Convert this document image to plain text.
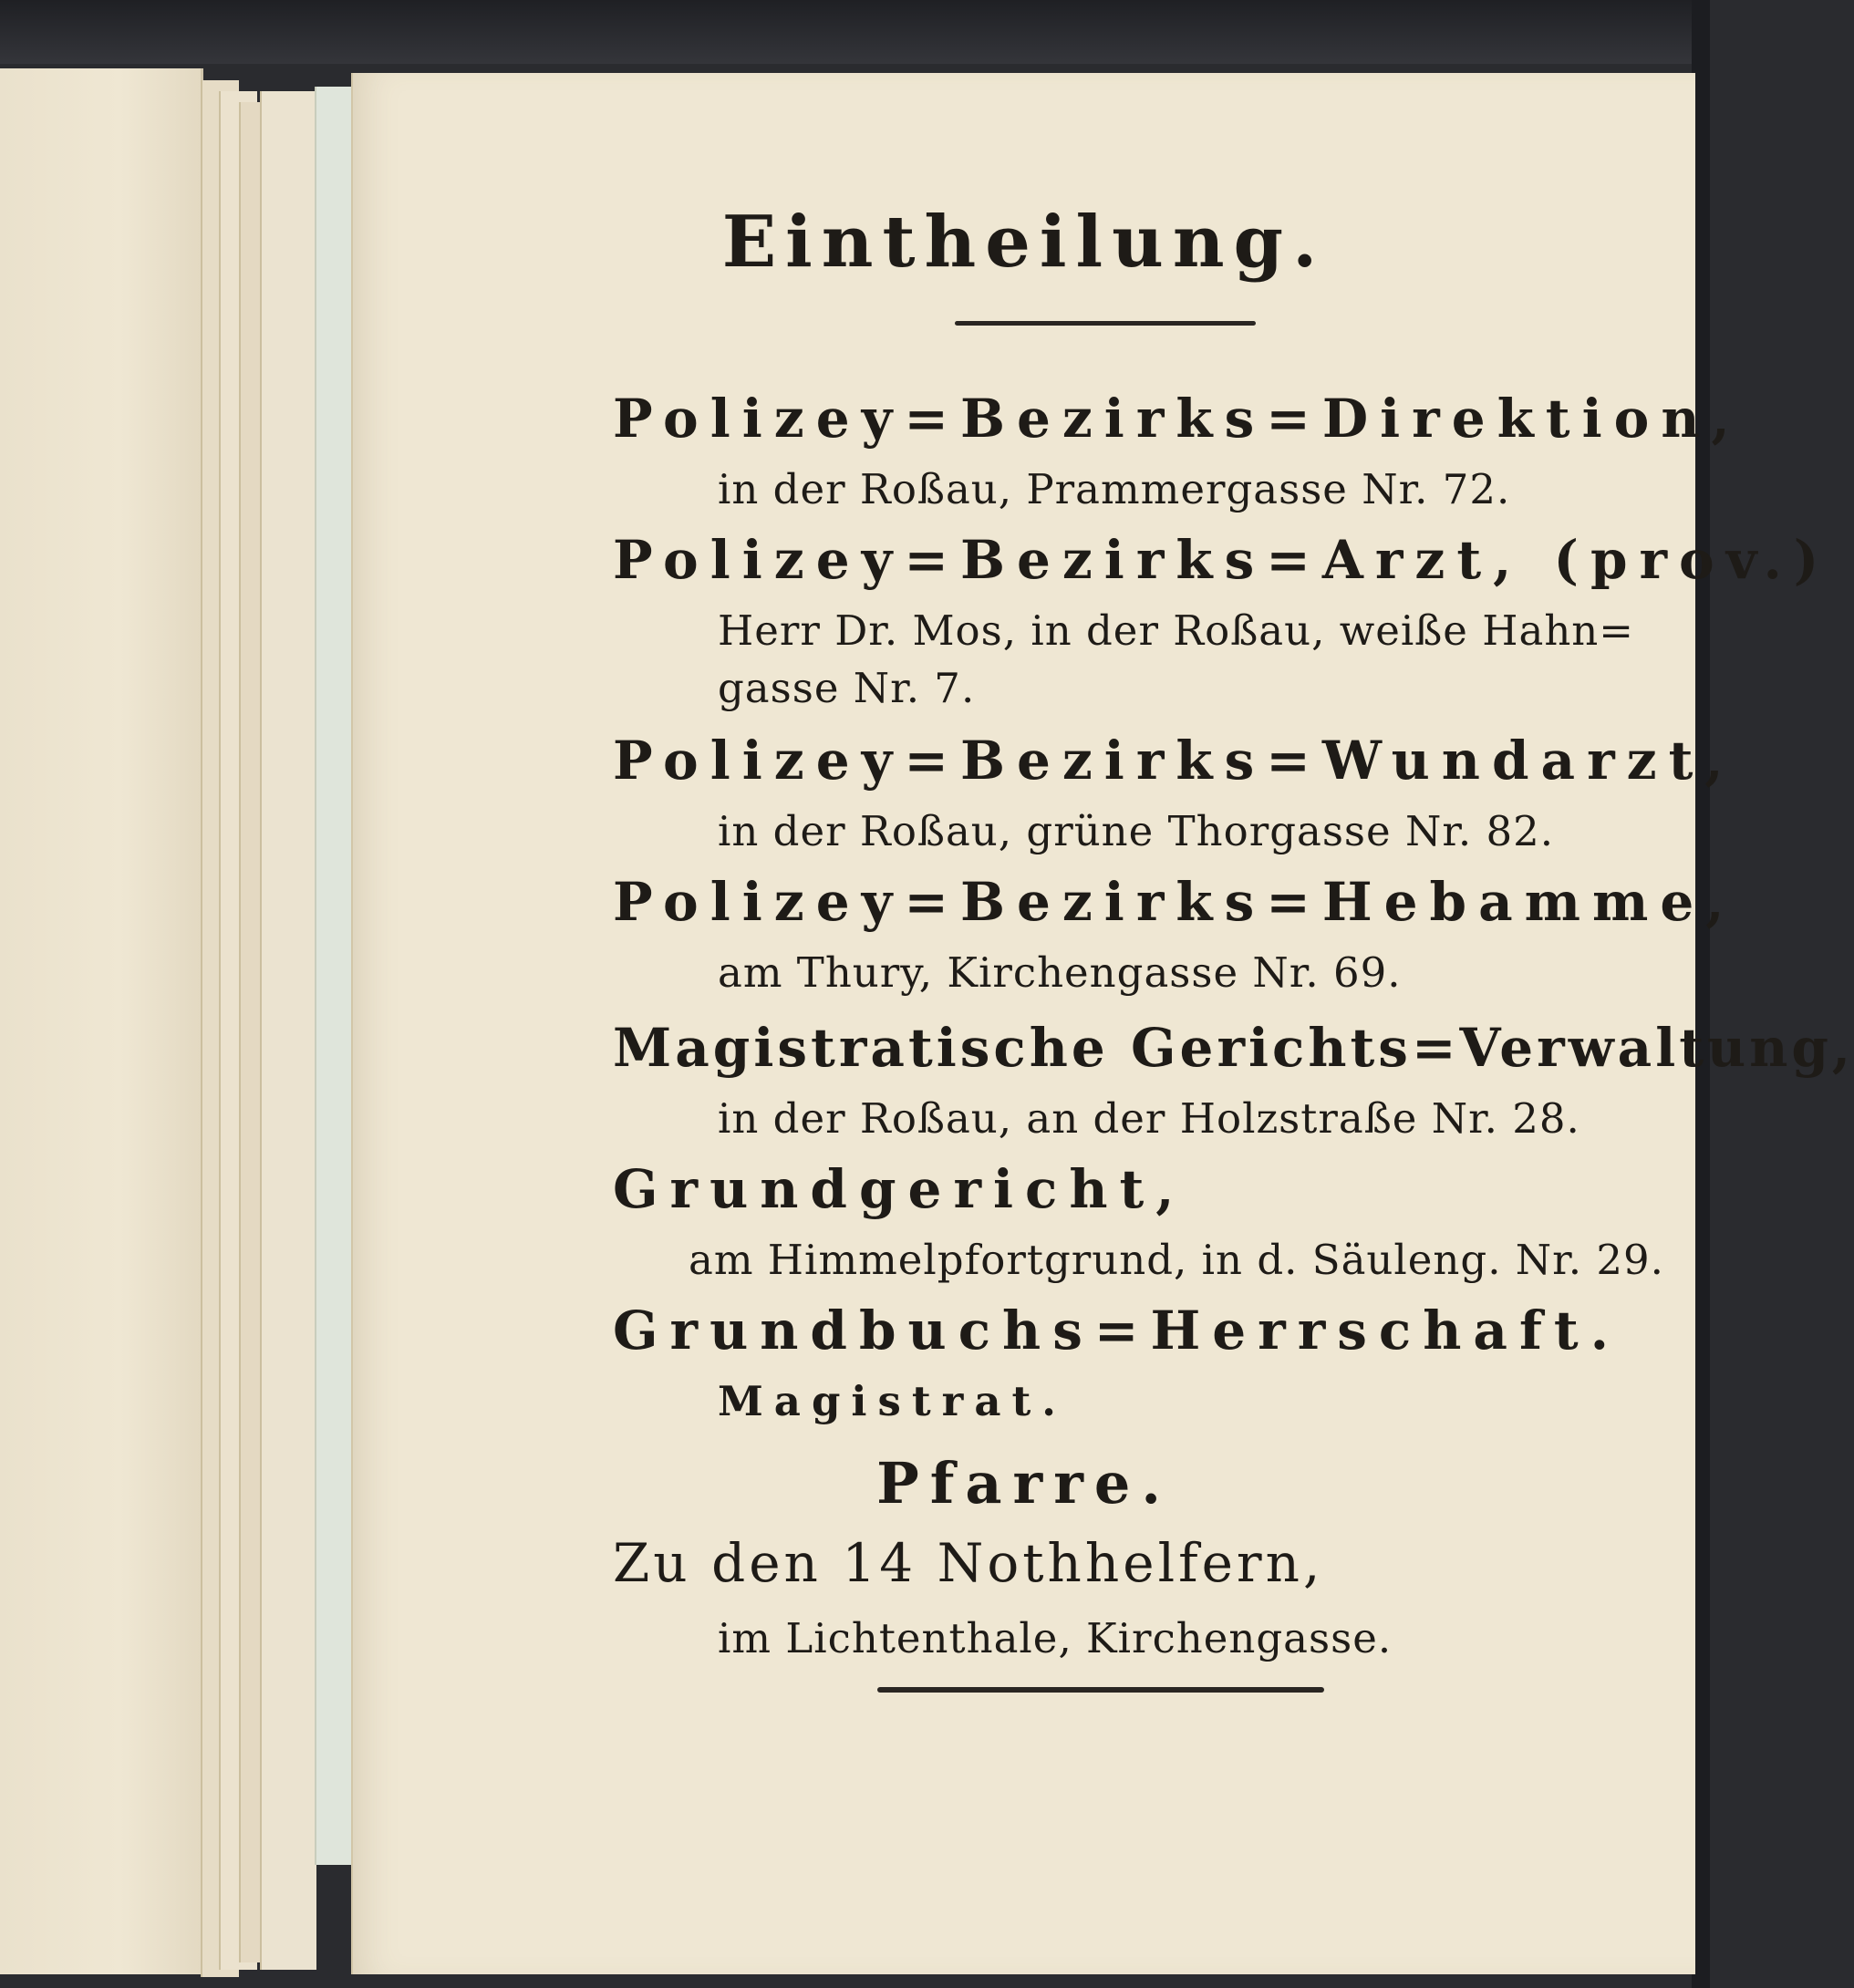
Eintheilung.
Polizey=Bezirks=Direktion,
in der Roßau, Prammergasse Nr. 72.
Polizey=Bezirks=Arzt, (prov.)
Herr Dr. Mos, in der Roßau, weiße Hahn=
gasse Nr. 7.
Polizey=Bezirks=Wundarzt,
in der Roßau, grüne Thorgasse Nr. 82.
Polizey=Bezirks=Hebamme,
am Thury, Kirchengasse Nr. 69.
Magistratische Gerichts=Verwaltung,
in der Roßau, an der Holzstraße Nr. 28.
Grundgericht,
am Himmelpfortgrund, in d. Säuleng. Nr. 29.
Grundbuchs=Herrschaft.
Magistrat.
Pfarre.
Zu den 14 Nothhelfern,
im Lichtenthale, Kirchengasse.
